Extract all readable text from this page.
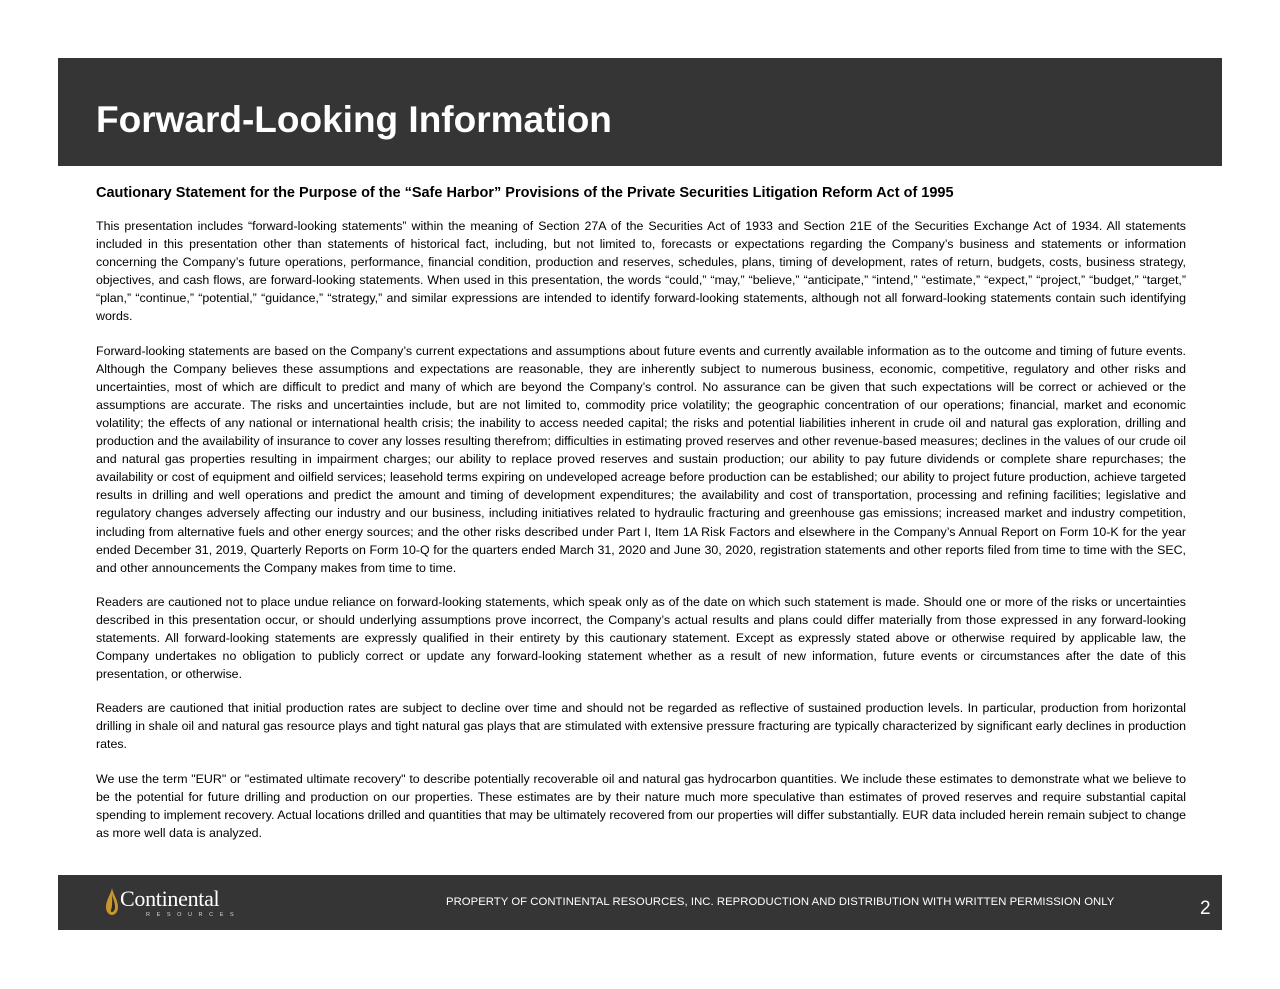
Forward-Looking Information

Cautionary Statement for the Purpose of the “Safe Harbor” Provisions of the Private Securities Litigation Reform Act of 1995

This presentation includes “forward-looking statements” within the meaning of Section 27A of the Securities Act of 1933 and Section 21E of the Securities Exchange Act of 1934. All statements included in this presentation other than statements of historical fact, including, but not limited to, forecasts or expectations regarding the Company’s business and statements or information concerning the Company’s future operations, performance, financial condition, production and reserves, schedules, plans, timing of development, rates of return, budgets, costs, business strategy, objectives, and cash flows, are forward-looking statements. When used in this presentation, the words “could,” “may,” “believe,” “anticipate,” “intend,” “estimate,” “expect,” “project,” “budget,” “target,” “plan,” “continue,” “potential,” “guidance,” “strategy,” and similar expressions are intended to identify forward-looking statements, although not all forward-looking statements contain such identifying words.

Forward-looking statements are based on the Company’s current expectations and assumptions about future events and currently available information as to the outcome and timing of future events. Although the Company believes these assumptions and expectations are reasonable, they are inherently subject to numerous business, economic, competitive, regulatory and other risks and uncertainties, most of which are difficult to predict and many of which are beyond the Company’s control. No assurance can be given that such expectations will be correct or achieved or the assumptions are accurate. The risks and uncertainties include, but are not limited to, commodity price volatility; the geographic concentration of our operations; financial, market and economic volatility; the effects of any national or international health crisis; the inability to access needed capital; the risks and potential liabilities inherent in crude oil and natural gas exploration, drilling and production and the availability of insurance to cover any losses resulting therefrom; difficulties in estimating proved reserves and other revenue-based measures; declines in the values of our crude oil and natural gas properties resulting in impairment charges; our ability to replace proved reserves and sustain production; our ability to pay future dividends or complete share repurchases; the availability or cost of equipment and oilfield services; leasehold terms expiring on undeveloped acreage before production can be established; our ability to project future production, achieve targeted results in drilling and well operations and predict the amount and timing of development expenditures; the availability and cost of transportation, processing and refining facilities; legislative and regulatory changes adversely affecting our industry and our business, including initiatives related to hydraulic fracturing and greenhouse gas emissions; increased market and industry competition, including from alternative fuels and other energy sources; and the other risks described under Part I, Item 1A Risk Factors and elsewhere in the Company’s Annual Report on Form 10-K for the year ended December 31, 2019, Quarterly Reports on Form 10-Q for the quarters ended March 31, 2020 and June 30, 2020, registration statements and other reports filed from time to time with the SEC, and other announcements the Company makes from time to time.

Readers are cautioned not to place undue reliance on forward-looking statements, which speak only as of the date on which such statement is made. Should one or more of the risks or uncertainties described in this presentation occur, or should underlying assumptions prove incorrect, the Company’s actual results and plans could differ materially from those expressed in any forward-looking statements. All forward-looking statements are expressly qualified in their entirety by this cautionary statement. Except as expressly stated above or otherwise required by applicable law, the Company undertakes no obligation to publicly correct or update any forward-looking statement whether as a result of new information, future events or circumstances after the date of this presentation, or otherwise.

Readers are cautioned that initial production rates are subject to decline over time and should not be regarded as reflective of sustained production levels. In particular, production from horizontal drilling in shale oil and natural gas resource plays and tight natural gas plays that are stimulated with extensive pressure fracturing are typically characterized by significant early declines in production rates.

We use the term "EUR" or "estimated ultimate recovery" to describe potentially recoverable oil and natural gas hydrocarbon quantities. We include these estimates to demonstrate what we believe to be the potential for future drilling and production on our properties. These estimates are by their nature much more speculative than estimates of proved reserves and require substantial capital spending to implement recovery. Actual locations drilled and quantities that may be ultimately recovered from our properties will differ substantially. EUR data included herein remain subject to change as more well data is analyzed.

Continental
RESOURCES
PROPERTY OF CONTINENTAL RESOURCES, INC. REPRODUCTION AND DISTRIBUTION WITH WRITTEN PERMISSION ONLY	2
